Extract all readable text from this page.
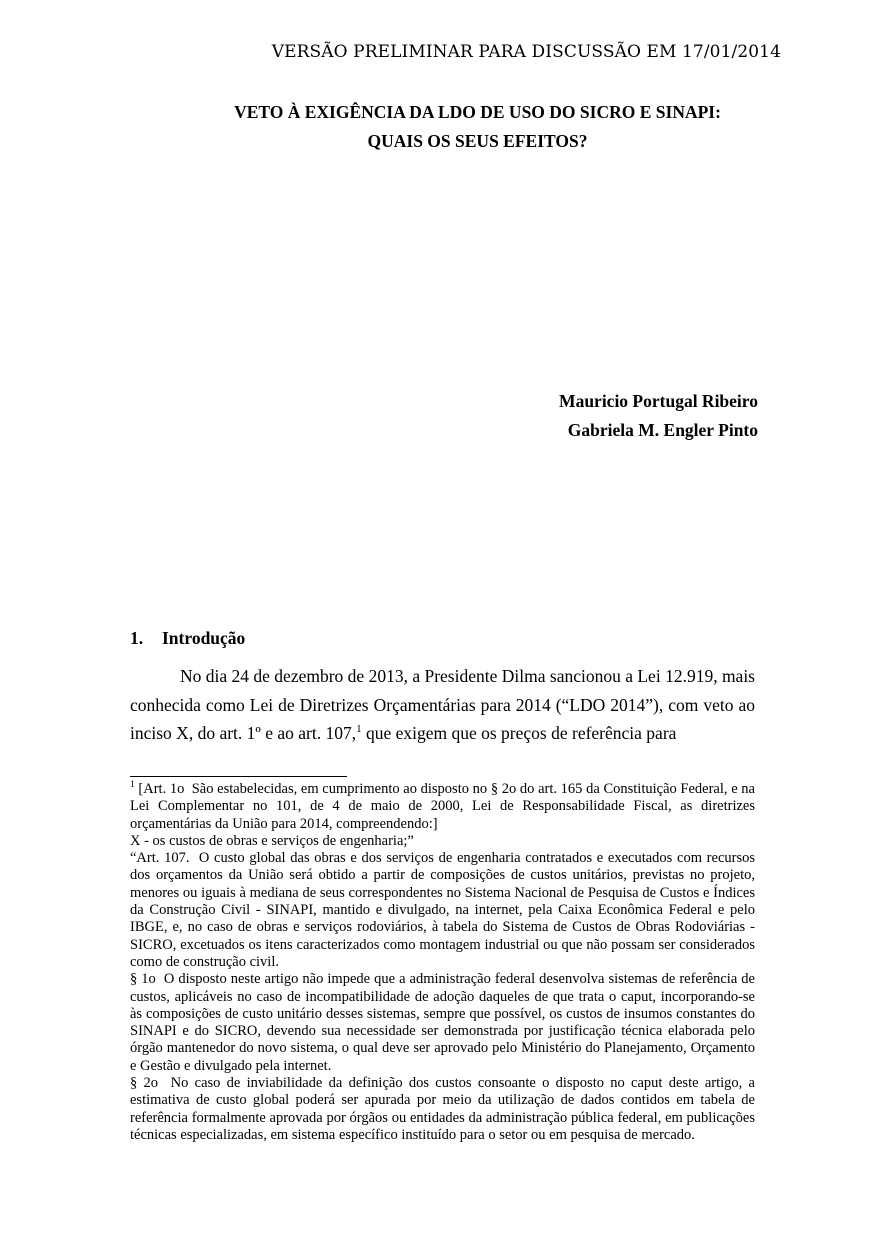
VERSÃO PRELIMINAR PARA DISCUSSÃO EM 17/01/2014
VETO À EXIGÊNCIA DA LDO DE USO DO SICRO E SINAPI:
QUAIS OS SEUS EFEITOS?
Mauricio Portugal Ribeiro
Gabriela M. Engler Pinto
1. Introdução

No dia 24 de dezembro de 2013, a Presidente Dilma sancionou a Lei 12.919, mais conhecida como Lei de Diretrizes Orçamentárias para 2014 (“LDO 2014”), com veto ao inciso X, do art. 1º e ao art. 107,$^1$ que exigem que os preços de referência para

$^1$ [Art. 1o  São estabelecidas, em cumprimento ao disposto no § 2o do art. 165 da Constituição Federal, e na Lei Complementar no 101, de 4 de maio de 2000, Lei de Responsabilidade Fiscal, as diretrizes orçamentárias da União para 2014, compreendendo:]

X - os custos de obras e serviços de engenharia;”

“Art. 107.  O custo global das obras e dos serviços de engenharia contratados e executados com recursos dos orçamentos da União será obtido a partir de composições de custos unitários, previstas no projeto, menores ou iguais à mediana de seus correspondentes no Sistema Nacional de Pesquisa de Custos e Índices da Construção Civil - SINAPI, mantido e divulgado, na internet, pela Caixa Econômica Federal e pelo IBGE, e, no caso de obras e serviços rodoviários, à tabela do Sistema de Custos de Obras Rodoviárias - SICRO, excetuados os itens caracterizados como montagem industrial ou que não possam ser considerados como de construção civil.

§ 1o  O disposto neste artigo não impede que a administração federal desenvolva sistemas de referência de custos, aplicáveis no caso de incompatibilidade de adoção daqueles de que trata o caput, incorporando-se às composições de custo unitário desses sistemas, sempre que possível, os custos de insumos constantes do SINAPI e do SICRO, devendo sua necessidade ser demonstrada por justificação técnica elaborada pelo órgão mantenedor do novo sistema, o qual deve ser aprovado pelo Ministério do Planejamento, Orçamento e Gestão e divulgado pela internet.

§ 2o  No caso de inviabilidade da definição dos custos consoante o disposto no caput deste artigo, a estimativa de custo global poderá ser apurada por meio da utilização de dados contidos em tabela de referência formalmente aprovada por órgãos ou entidades da administração pública federal, em publicações técnicas especializadas, em sistema específico instituído para o setor ou em pesquisa de mercado.
